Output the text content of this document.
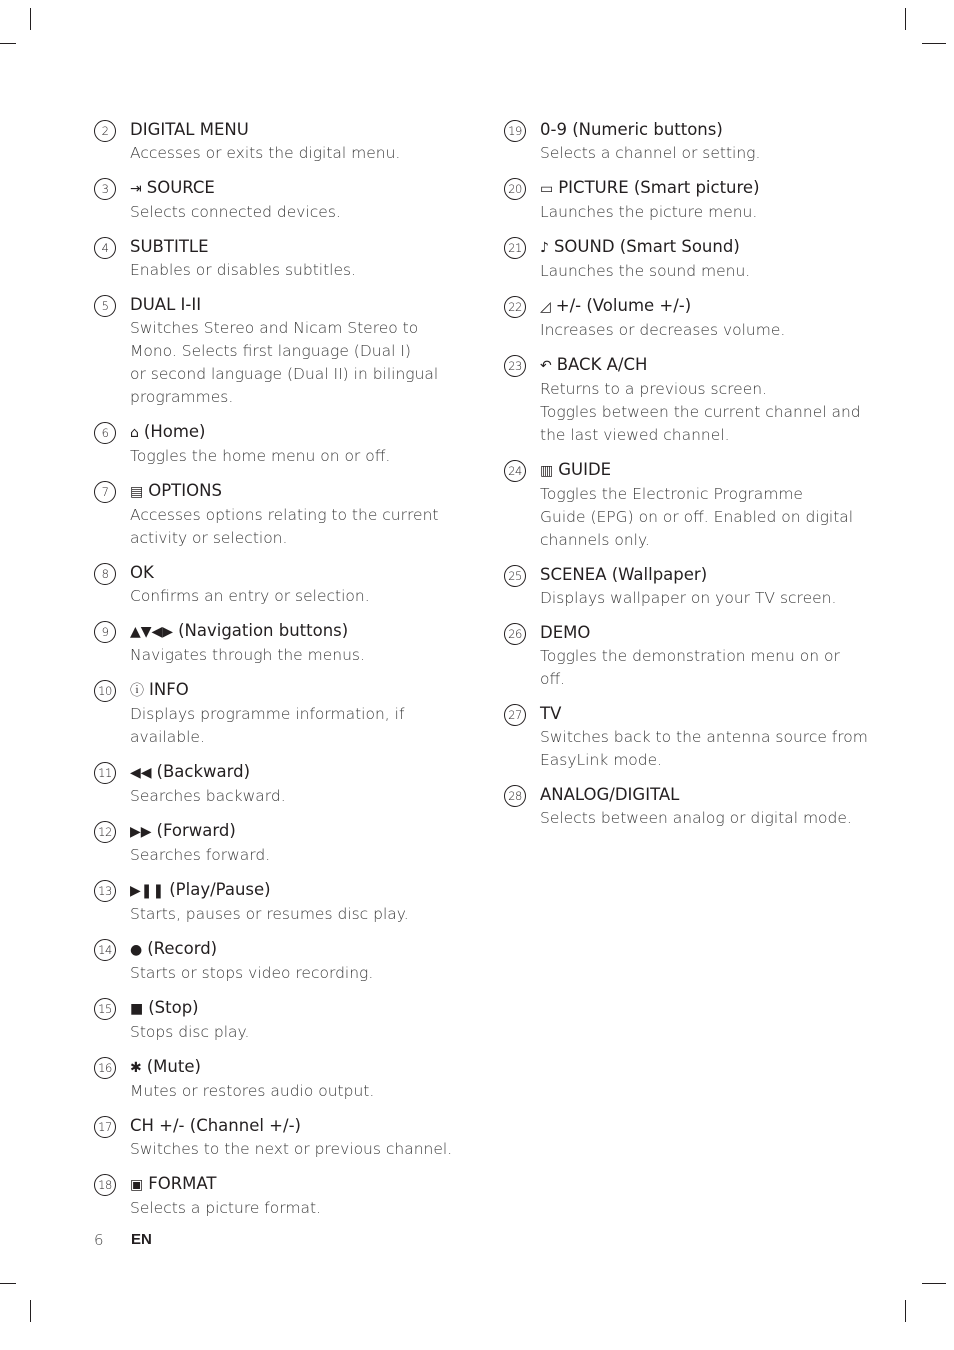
2	DIGITAL MENU
Accesses or exits the digital menu.
3	⇥ SOURCE
Selects connected devices.
4	SUBTITLE
Enables or disables subtitles.
5	DUAL I-II
Switches Stereo and Nicam Stereo to
Mono. Selects first language (Dual I)
or second language (Dual II) in bilingual
programmes.
6	⌂ (Home)
Toggles the home menu on or off.
7	▤ OPTIONS
Accesses options relating to the current
activity or selection.
8	OK
Confirms an entry or selection.
9	▲▼◀▶ (Navigation buttons)
Navigates through the menus.
10 ⓘ INFO
Displays programme information, if
available.
11 ◀◀ (Backward)
Searches backward.
12 ▶▶ (Forward)
Searches forward.
13 ▶❚❚ (Play/Pause)
Starts, pauses or resumes disc play.
14 ● (Record)
Starts or stops video recording.
15 ■ (Stop)
Stops disc play.
16 ✱ (Mute)
Mutes or restores audio output.
17 CH +/- (Channel +/-)
Switches to the next or previous channel.
18 ▣ FORMAT
Selects a picture format.
19 0-9 (Numeric buttons)
Selects a channel or setting.
20 ▭ PICTURE (Smart picture)
Launches the picture menu.
21 ♪ SOUND (Smart Sound)
Launches the sound menu.
22 ◿ +/- (Volume +/-)
Increases or decreases volume.
23 ↶ BACK A/CH
Returns to a previous screen.
Toggles between the current channel and
the last viewed channel.
24 ▥ GUIDE
Toggles the Electronic Programme
Guide (EPG) on or off. Enabled on digital
channels only.
25 SCENEA (Wallpaper)
Displays wallpaper on your TV screen.
26 DEMO
Toggles the demonstration menu on or
off.
27 TV
Switches back to the antenna source from
EasyLink mode.
28 ANALOG/DIGITAL
Selects between analog or digital mode.
6 EN
